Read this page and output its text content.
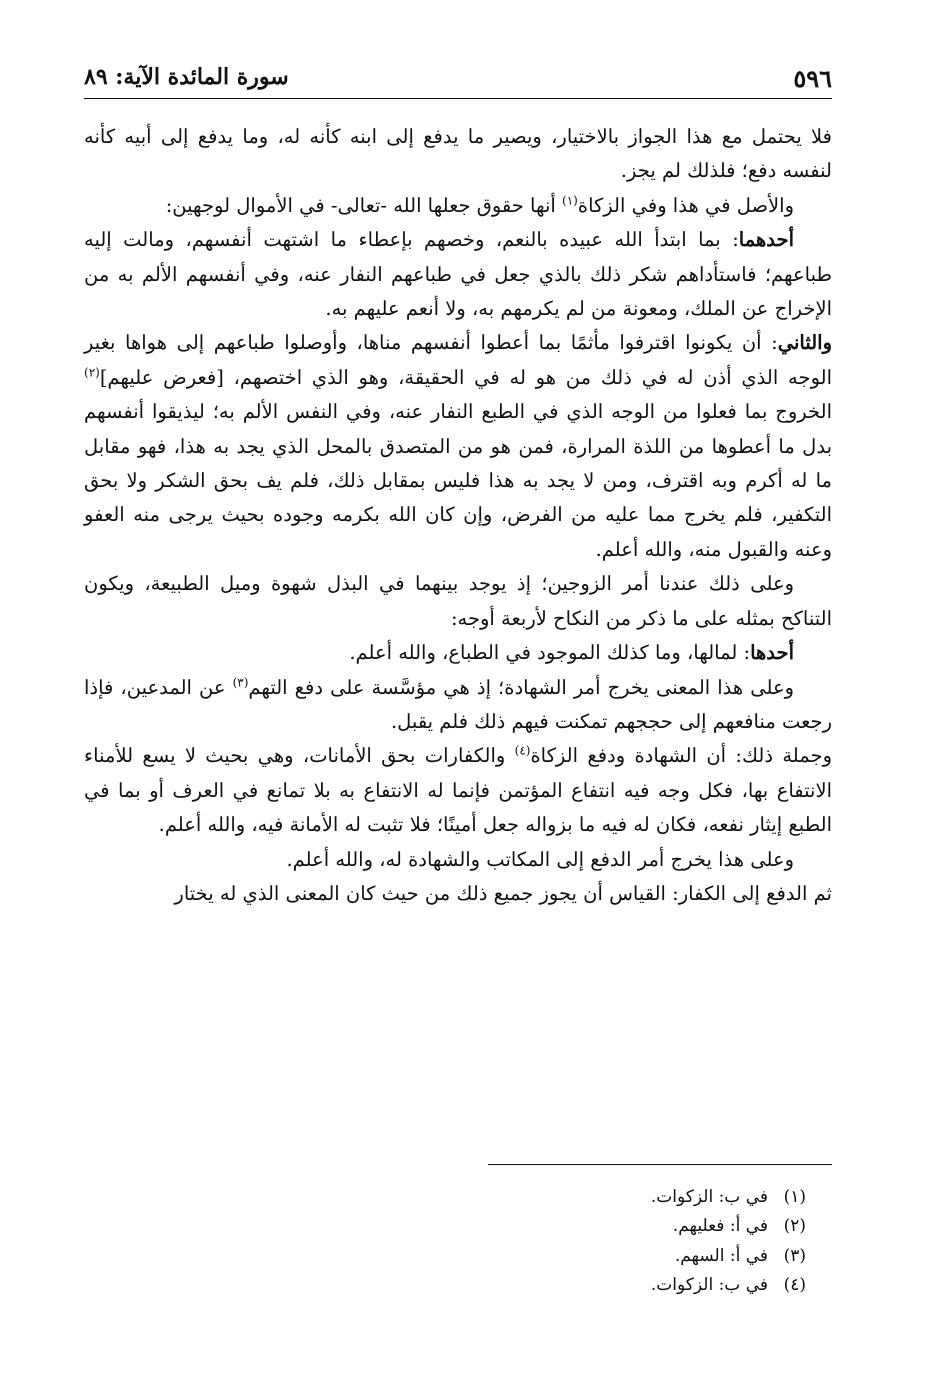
٥٩٦
سورة المائدة الآية: ٨٩

فلا يحتمل مع هذا الجواز بالاختيار، ويصير ما يدفع إلى ابنه كأنه له، وما يدفع إلى أبيه كأنه لنفسه دفع؛ فلذلك لم يجز.

والأصل في هذا وفي الزكاة$^{(١)}$ أنها حقوق جعلها الله -تعالى- في الأموال لوجهين:

أحدهما: بما ابتدأ الله عبيده بالنعم، وخصهم بإعطاء ما اشتهت أنفسهم، ومالت إليه طباعهم؛ فاستأداهم شكر ذلك بالذي جعل في طباعهم النفار عنه، وفي أنفسهم الألم به من الإخراج عن الملك، ومعونة من لم يكرمهم به، ولا أنعم عليهم به.

والثاني: أن يكونوا اقترفوا مأثمًا بما أعطوا أنفسهم مناها، وأوصلوا طباعهم إلى هواها بغير الوجه الذي أذن له في ذلك من هو له في الحقيقة، وهو الذي اختصهم، [فعرض عليهم]$^{(٢)}$ الخروج بما فعلوا من الوجه الذي في الطبع النفار عنه، وفي النفس الألم به؛ ليذيقوا أنفسهم بدل ما أعطوها من اللذة المرارة، فمن هو من المتصدق بالمحل الذي يجد به هذا، فهو مقابل ما له أكرم وبه اقترف، ومن لا يجد به هذا فليس بمقابل ذلك، فلم يف بحق الشكر ولا بحق التكفير، فلم يخرج مما عليه من الفرض، وإن كان الله بكرمه وجوده بحيث يرجى منه العفو وعنه والقبول منه، والله أعلم.

وعلى ذلك عندنا أمر الزوجين؛ إذ يوجد بينهما في البذل شهوة وميل الطبيعة، ويكون التناكح بمثله على ما ذكر من النكاح لأربعة أوجه:

أحدها: لمالها، وما كذلك الموجود في الطباع، والله أعلم.

وعلى هذا المعنى يخرج أمر الشهادة؛ إذ هي مؤسَّسة على دفع التهم$^{(٣)}$ عن المدعين، فإذا رجعت منافعهم إلى حججهم تمكنت فيهم ذلك فلم يقبل.

وجملة ذلك: أن الشهادة ودفع الزكاة$^{(٤)}$ والكفارات بحق الأمانات، وهي بحيث لا يسع للأمناء الانتفاع بها، فكل وجه فيه انتفاع المؤتمن فإنما له الانتفاع به بلا تمانع في العرف أو بما في الطبع إيثار نفعه، فكان له فيه ما بزواله جعل أمينًا؛ فلا تثبت له الأمانة فيه، والله أعلم.

وعلى هذا يخرج أمر الدفع إلى المكاتب والشهادة له، والله أعلم.

ثم الدفع إلى الكفار: القياس أن يجوز جميع ذلك من حيث كان المعنى الذي له يختار

(١)في ب: الزكوات.
(٢)في أ: فعليهم.
(٣)في أ: السهم.
(٤)في ب: الزكوات.
